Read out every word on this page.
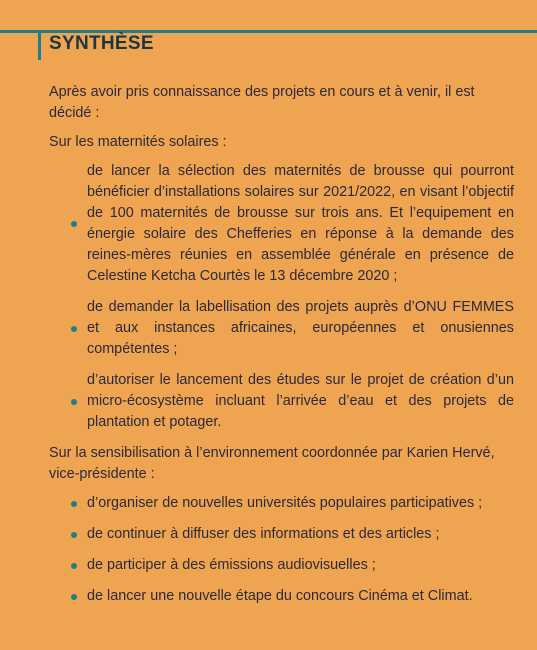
SYNTHÈSE

Après avoir pris connaissance des projets en cours et à venir, il est décidé :

Sur les maternités solaires :

de lancer la sélection des maternités de brousse qui pourront bénéficier d’installations solaires sur 2021/2022, en visant l’objectif de 100 maternités de brousse sur trois ans. Et l’equipement en énergie solaire des Chefferies en réponse à la demande des reines-mères réunies en assemblée générale en présence de Celestine Ketcha Courtès le 13 décembre 2020 ;
de demander la labellisation des projets auprès d’ONU FEMMES et aux instances africaines, européennes et onusiennes compétentes ;
d’autoriser le lancement des études sur le projet de création d’un micro-écosystème incluant l’arrivée d’eau et des projets de plantation et potager.

Sur la sensibilisation à l’environnement coordonnée par Karien Hervé, vice-présidente :

d’organiser de nouvelles universités populaires participatives ;
de continuer à diffuser des informations et des articles ;
de participer à des émissions audiovisuelles ;
de lancer une nouvelle étape du concours Cinéma et Climat.
